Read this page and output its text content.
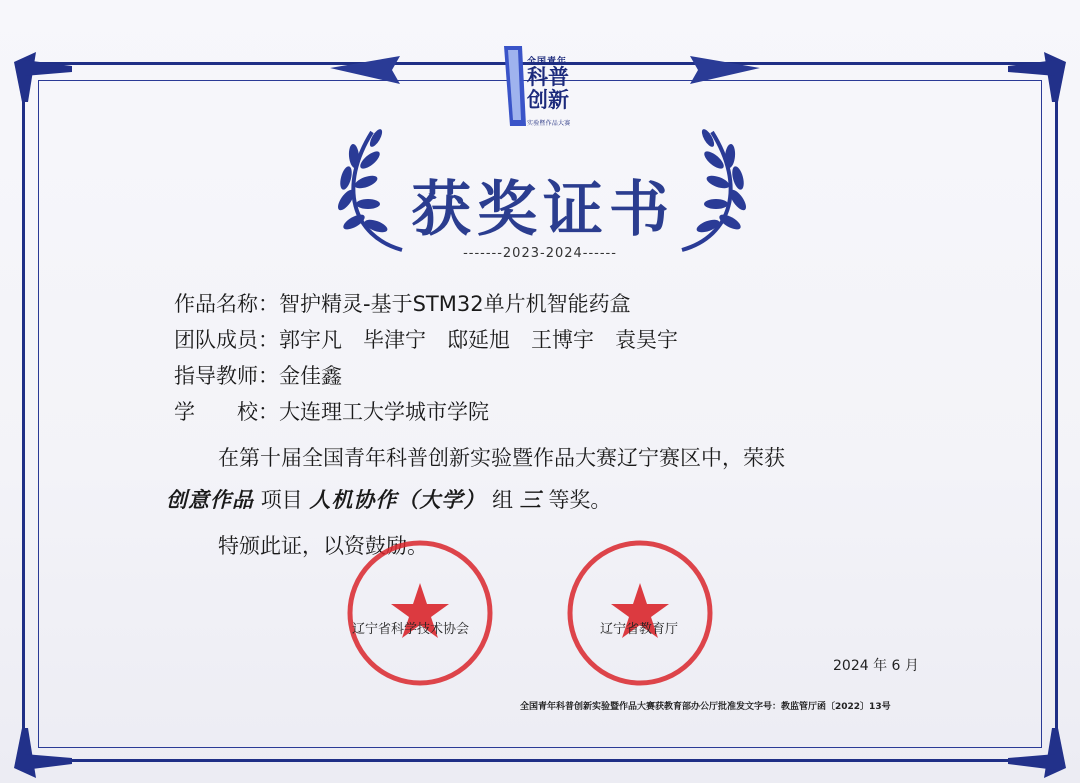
全国青年
科普
创新
实验暨作品大赛
获奖证书
-------2023-2024------
作品名称：智护精灵-基于STM32单片机智能药盒
团队成员：郭宇凡　毕津宁　邸延旭　王博宇　袁昊宇
指导教师：金佳鑫
学　　校：大连理工大学城市学院
在第十届全国青年科普创新实验暨作品大赛辽宁赛区中，荣获
创意作品 项目 人机协作（大学） 组 三 等奖。
特颁此证，以资鼓励。
辽宁省科学技术协会	辽宁省教育厅
2024 年 6 月
全国青年科普创新实验暨作品大赛获教育部办公厅批准发文字号：教监管厅函〔2022〕13号
